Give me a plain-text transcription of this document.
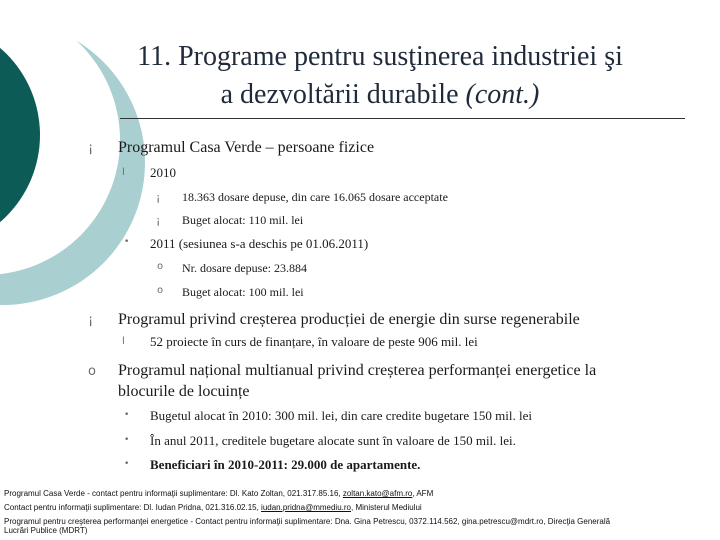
11. Programe pentru susţinerea industriei şi
a dezvoltării durabile (cont.)
¡ Programul Casa Verde – persoane fizice
l 2010
¡ 18.363 dosare depuse, din care 16.065 dosare acceptate
¡ Buget alocat: 110 mil. lei
• 2011 (sesiunea s-a deschis pe 01.06.2011)
o Nr. dosare depuse: 23.884
o Buget alocat: 100 mil. lei
¡ Programul privind creșterea producției de energie din surse regenerabile
l 52 proiecte în curs de finanțare, în valoare de peste 906 mil. lei
o Programul național multianual privind creșterea performanței energetice la
blocurile de locuințe
• Bugetul alocat în 2010: 300 mil. lei, din care credite bugetare 150 mil. lei
• În anul 2011, creditele bugetare alocate sunt în valoare de 150 mil. lei.
• Beneficiari în 2010-2011: 29.000 de apartamente.
Programul Casa Verde - contact pentru informaţii suplimentare: Dl. Kato Zoltan, 021.317.85.16, zoltan.kato@afm.ro, AFM
Contact pentru informaţii suplimentare: Dl. Iudan Pridna, 021.316.02.15, iudan.pridna@mmediu.ro, Ministerul Mediului
Programul pentru creşterea performanţei energetice - Contact pentru informaţii suplimentare: Dna. Gina Petrescu, 0372.114.562, gina.petrescu@mdrt.ro, Direcţia Generală
Lucrări Publice (MDRT)
